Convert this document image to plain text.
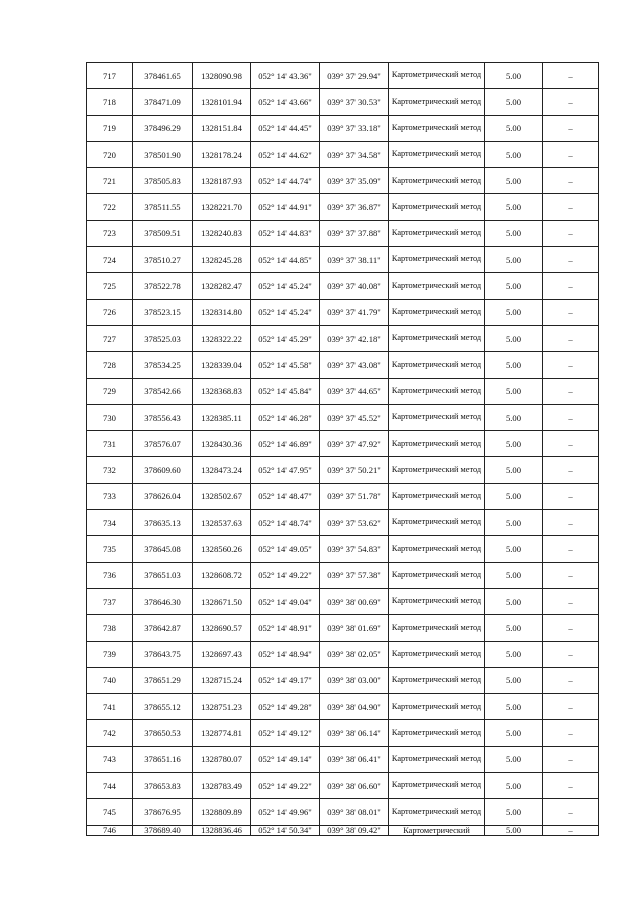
717	378461.65	1328090.98	052° 14' 43.36"	039° 37' 29.94"	Картометрический метод	5.00	–
718	378471.09	1328101.94	052° 14' 43.66"	039° 37' 30.53"	Картометрический метод	5.00	–
719	378496.29	1328151.84	052° 14' 44.45"	039° 37' 33.18"	Картометрический метод	5.00	–
720	378501.90	1328178.24	052° 14' 44.62"	039° 37' 34.58"	Картометрический метод	5.00	–
721	378505.83	1328187.93	052° 14' 44.74"	039° 37' 35.09"	Картометрический метод	5.00	–
722	378511.55	1328221.70	052° 14' 44.91"	039° 37' 36.87"	Картометрический метод	5.00	–
723	378509.51	1328240.83	052° 14' 44.83"	039° 37' 37.88"	Картометрический метод	5.00	–
724	378510.27	1328245.28	052° 14' 44.85"	039° 37' 38.11"	Картометрический метод	5.00	–
725	378522.78	1328282.47	052° 14' 45.24"	039° 37' 40.08"	Картометрический метод	5.00	–
726	378523.15	1328314.80	052° 14' 45.24"	039° 37' 41.79"	Картометрический метод	5.00	–
727	378525.03	1328322.22	052° 14' 45.29"	039° 37' 42.18"	Картометрический метод	5.00	–
728	378534.25	1328339.04	052° 14' 45.58"	039° 37' 43.08"	Картометрический метод	5.00	–
729	378542.66	1328368.83	052° 14' 45.84"	039° 37' 44.65"	Картометрический метод	5.00	–
730	378556.43	1328385.11	052° 14' 46.28"	039° 37' 45.52"	Картометрический метод	5.00	–
731	378576.07	1328430.36	052° 14' 46.89"	039° 37' 47.92"	Картометрический метод	5.00	–
732	378609.60	1328473.24	052° 14' 47.95"	039° 37' 50.21"	Картометрический метод	5.00	–
733	378626.04	1328502.67	052° 14' 48.47"	039° 37' 51.78"	Картометрический метод	5.00	–
734	378635.13	1328537.63	052° 14' 48.74"	039° 37' 53.62"	Картометрический метод	5.00	–
735	378645.08	1328560.26	052° 14' 49.05"	039° 37' 54.83"	Картометрический метод	5.00	–
736	378651.03	1328608.72	052° 14' 49.22"	039° 37' 57.38"	Картометрический метод	5.00	–
737	378646.30	1328671.50	052° 14' 49.04"	039° 38' 00.69"	Картометрический метод	5.00	–
738	378642.87	1328690.57	052° 14' 48.91"	039° 38' 01.69"	Картометрический метод	5.00	–
739	378643.75	1328697.43	052° 14' 48.94"	039° 38' 02.05"	Картометрический метод	5.00	–
740	378651.29	1328715.24	052° 14' 49.17"	039° 38' 03.00"	Картометрический метод	5.00	–
741	378655.12	1328751.23	052° 14' 49.28"	039° 38' 04.90"	Картометрический метод	5.00	–
742	378650.53	1328774.81	052° 14' 49.12"	039° 38' 06.14"	Картометрический метод	5.00	–
743	378651.16	1328780.07	052° 14' 49.14"	039° 38' 06.41"	Картометрический метод	5.00	–
744	378653.83	1328783.49	052° 14' 49.22"	039° 38' 06.60"	Картометрический метод	5.00	–
745	378676.95	1328809.89	052° 14' 49.96"	039° 38' 08.01"	Картометрический метод	5.00	–
746	378689.40	1328836.46	052° 14' 50.34"	039° 38' 09.42"	Картометрический	5.00	–
